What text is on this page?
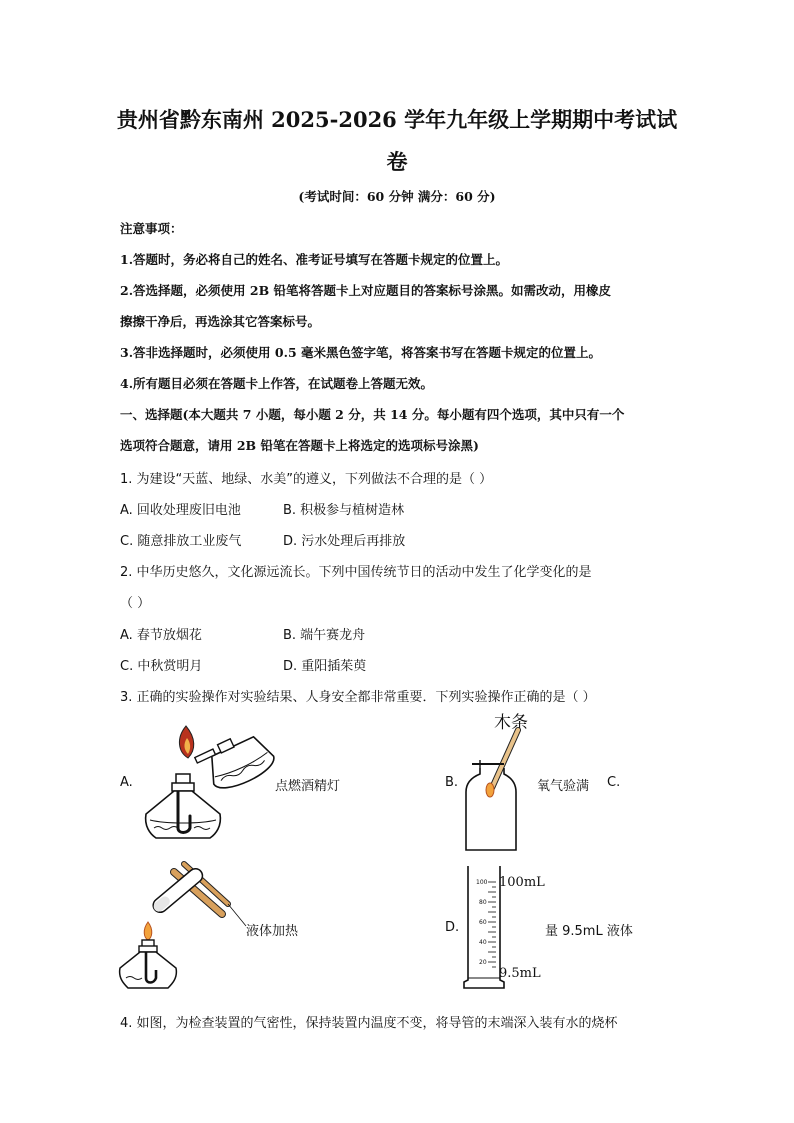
贵州省黔东南州 2025-2026 学年九年级上学期期中考试试
卷
(考试时间：60 分钟 满分：60 分)
注意事项：
1.答题时，务必将自己的姓名、准考证号填写在答题卡规定的位置上。
2.答选择题，必须使用 2B 铅笔将答题卡上对应题目的答案标号涂黑。如需改动，用橡皮
擦擦干净后，再选涂其它答案标号。
3.答非选择题时，必须使用 0.5 毫米黑色签字笔，将答案书写在答题卡规定的位置上。
4.所有题目必须在答题卡上作答，在试题卷上答题无效。
一、选择题(本大题共 7 小题，每小题 2 分，共 14 分。每小题有四个选项，其中只有一个
选项符合题意，请用 2B 铅笔在答题卡上将选定的选项标号涂黑)
1. 为建设“天蓝、地绿、水美”的遵义，下列做法不合理的是（ ）
A. 回收处理废旧电池	B. 积极参与植树造林
C. 随意排放工业废气	D. 污水处理后再排放
2. 中华历史悠久，文化源远流长。下列中国传统节日的活动中发生了化学变化的是
（ ）
A. 春节放烟花	B. 端午赛龙舟
C. 中秋赏明月	D. 重阳插茱萸
3. 正确的实验操作对实验结果、人身安全都非常重要．下列实验操作正确的是（ ）
A.	点燃酒精灯	B.
木条
氧气验满 C.
液体加热	D.
100
80
60
40
20
100mL
9.5mL
量 9.5mL 液体
4. 如图，为检查装置的气密性，保持装置内温度不变，将导管的末端深入装有水的烧杯
